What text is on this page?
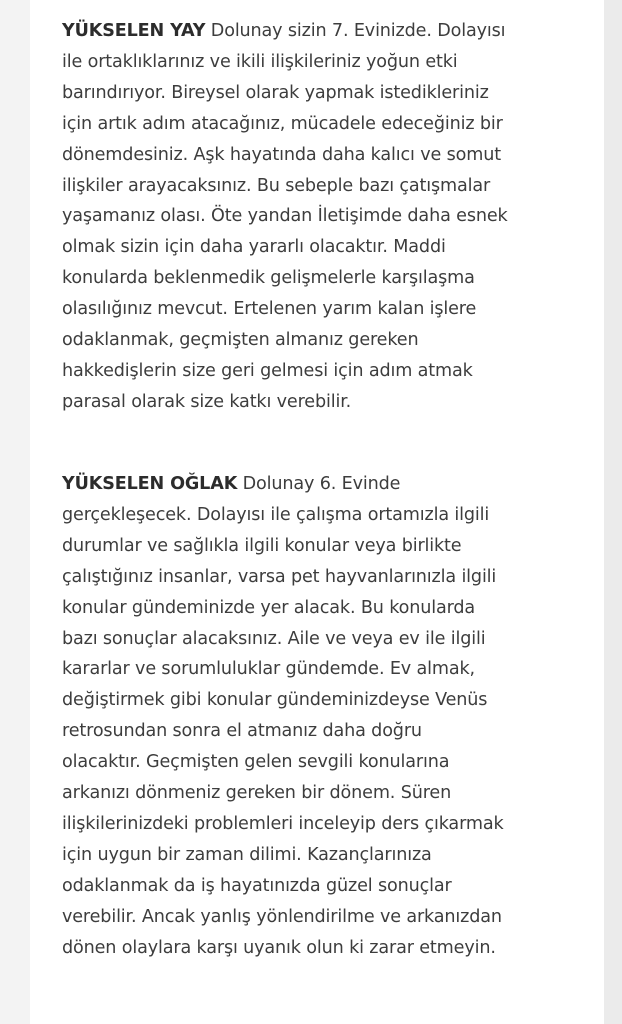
YÜKSELEN YAY Dolunay sizin 7. Evinizde. Dolayısı
ile ortaklıklarınız ve ikili ilişkileriniz yoğun etki
barındırıyor. Bireysel olarak yapmak istedikleriniz
için artık adım atacağınız, mücadele edeceğiniz bir
dönemdesiniz. Aşk hayatında daha kalıcı ve somut
ilişkiler arayacaksınız. Bu sebeple bazı çatışmalar
yaşamanız olası. Öte yandan İletişimde daha esnek
olmak sizin için daha yararlı olacaktır. Maddi
konularda beklenmedik gelişmelerle karşılaşma
olasılığınız mevcut. Ertelenen yarım kalan işlere
odaklanmak, geçmişten almanız gereken
hakkedişlerin size geri gelmesi için adım atmak
parasal olarak size katkı verebilir.
YÜKSELEN OĞLAK Dolunay 6. Evinde
gerçekleşecek. Dolayısı ile çalışma ortamızla ilgili
durumlar ve sağlıkla ilgili konular veya birlikte
çalıştığınız insanlar, varsa pet hayvanlarınızla ilgili
konular gündeminizde yer alacak. Bu konularda
bazı sonuçlar alacaksınız. Aile ve veya ev ile ilgili
kararlar ve sorumluluklar gündemde. Ev almak,
değiştirmek gibi konular gündeminizdeyse Venüs
retrosundan sonra el atmanız daha doğru
olacaktır. Geçmişten gelen sevgili konularına
arkanızı dönmeniz gereken bir dönem. Süren
ilişkilerinizdeki problemleri inceleyip ders çıkarmak
için uygun bir zaman dilimi. Kazançlarınıza
odaklanmak da iş hayatınızda güzel sonuçlar
verebilir. Ancak yanlış yönlendirilme ve arkanızdan
dönen olaylara karşı uyanık olun ki zarar etmeyin.
